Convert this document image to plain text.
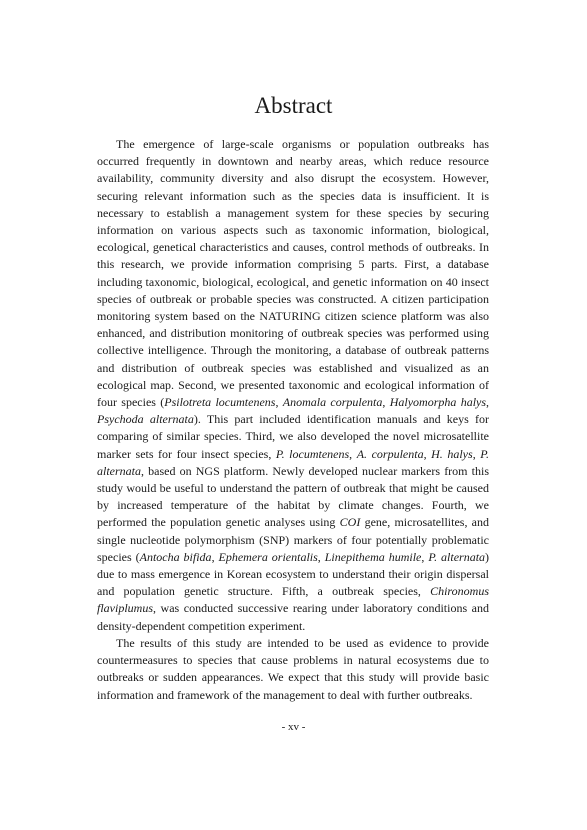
Abstract

The emergence of large-scale organisms or population outbreaks has occurred frequently in downtown and nearby areas, which reduce resource availability, community diversity and also disrupt the ecosystem. However, securing relevant information such as the species data is insufficient. It is necessary to establish a management system for these species by securing information on various aspects such as taxonomic information, biological, ecological, genetical characteristics and causes, control methods of outbreaks. In this research, we provide information comprising 5 parts. First, a database including taxonomic, biological, ecological, and genetic information on 40 insect species of outbreak or probable species was constructed. A citizen participation monitoring system based on the NATURING citizen science platform was also enhanced, and distribution monitoring of outbreak species was performed using collective intelligence. Through the monitoring, a database of outbreak patterns and distribution of outbreak species was established and visualized as an ecological map. Second, we presented taxonomic and ecological information of four species (Psilotreta locumtenens, Anomala corpulenta, Halyomorpha halys, Psychoda alternata). This part included identification manuals and keys for comparing of similar species. Third, we also developed the novel microsatellite marker sets for four insect species, P. locumtenens, A. corpulenta, H. halys, P. alternata, based on NGS platform. Newly developed nuclear markers from this study would be useful to understand the pattern of outbreak that might be caused by increased temperature of the habitat by climate changes. Fourth, we performed the population genetic analyses using COI gene, microsatellites, and single nucleotide polymorphism (SNP) markers of four potentially problematic species (Antocha bifida, Ephemera orientalis, Linepithema humile, P. alternata) due to mass emergence in Korean ecosystem to understand their origin dispersal and population genetic structure. Fifth, a outbreak species, Chironomus flaviplumus, was conducted successive rearing under laboratory conditions and density-dependent competition experiment.

The results of this study are intended to be used as evidence to provide countermeasures to species that cause problems in natural ecosystems due to outbreaks or sudden appearances. We expect that this study will provide basic information and framework of the management to deal with further outbreaks.

- xv -
